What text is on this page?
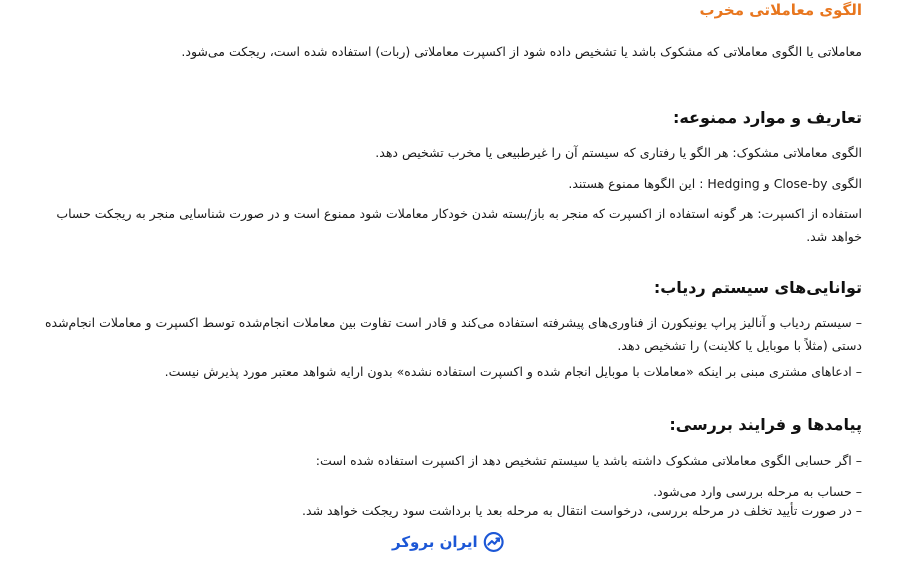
الگوی معاملاتی مخرب

معاملاتی یا الگوی معاملاتی که مشکوک باشد یا تشخیص داده شود از اکسپرت معاملاتی (ربات) استفاده شده است، ریجکت می‌شود.

تعاریف و موارد ممنوعه:

الگوی معاملاتی مشکوک: هر الگو یا رفتاری که سیستم آن را غیرطبیعی یا مخرب تشخیص دهد.

الگوی Close-by و Hedging : این الگوها ممنوع هستند.

استفاده از اکسپرت: هر گونه استفاده از اکسپرت که منجر به باز/بسته شدن خودکار معاملات شود ممنوع است و در صورت شناسایی منجر به ریجکت حساب خواهد شد.

توانایی‌های سیستم ردیاب:

– سیستم ردیاب و آنالیز پراپ یونیکورن از فناوری‌های پیشرفته استفاده می‌کند و قادر است تفاوت بین معاملات انجام‌شده توسط اکسپرت و معاملات انجام‌شده دستی (مثلاً با موبایل یا کلاینت) را تشخیص دهد.

– ادعاهای مشتری مبنی بر اینکه «معاملات با موبایل انجام شده و اکسپرت استفاده نشده» بدون ارایه شواهد معتبر مورد پذیرش نیست.

پیامدها و فرایند بررسی:

– اگر حسابی الگوی معاملاتی مشکوک داشته باشد یا سیستم تشخیص دهد از اکسپرت استفاده شده است:

– حساب به مرحله بررسی وارد می‌شود.

– در صورت تأیید تخلف در مرحله بررسی، درخواست انتقال به مرحله بعد یا برداشت سود ریجکت خواهد شد.

ایران بروکر
